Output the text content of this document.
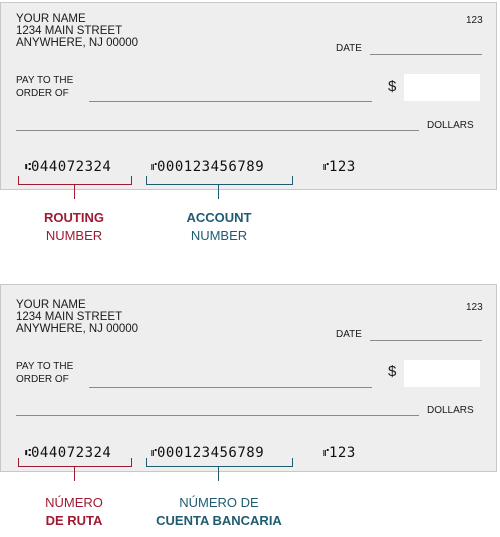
YOUR NAME
1234 MAIN STREET
ANYWHERE, NJ 00000
123
DATE
PAY TO THE
ORDER OF	$
DOLLARS
⑆044072324	⑈000123456789	⑈123
ROUTING
NUMBER
ACCOUNT
NUMBER
YOUR NAME
1234 MAIN STREET
ANYWHERE, NJ 00000
123
DATE
PAY TO THE
ORDER OF	$
DOLLARS
⑆044072324	⑈000123456789	⑈123
NÚMERO
DE RUTA
NÚMERO DE
CUENTA BANCARIA
